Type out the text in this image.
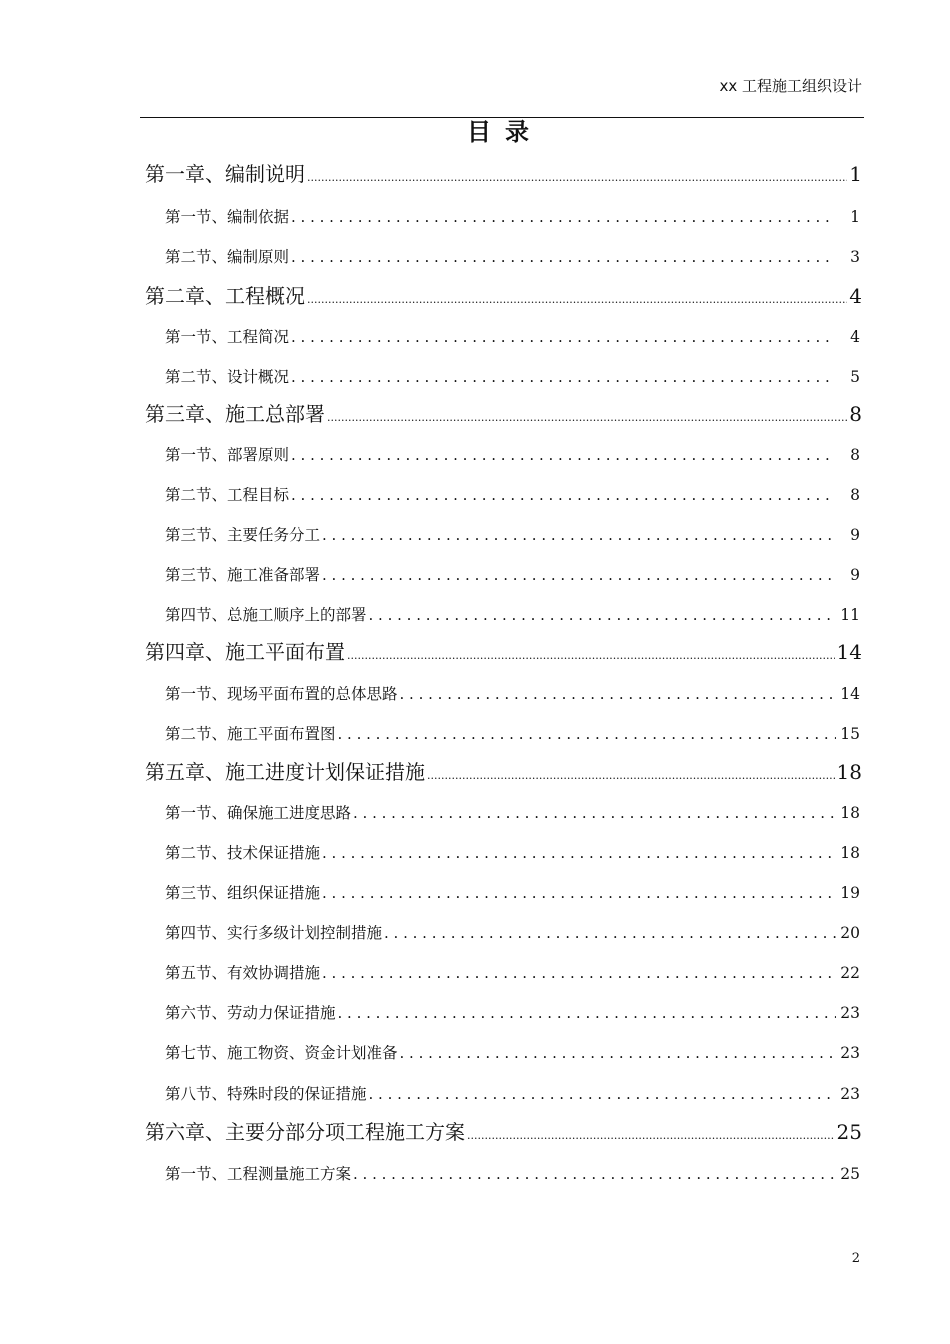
xx 工程施工组织设计
目录
第一章、编制说明 .....	1
第一节、编制依据 . . .	1
第二节、编制原则 . . .	3
第二章、工程概况 .....	4
第一节、工程简况 . . .	4
第二节、设计概况 . . .	5
第三章、施工总部署 .....	8
第一节、部署原则 . . .	8
第二节、工程目标 . . .	8
第三节、主要任务分工 . . .	9
第三节、施工准备部署 . . .	9
第四节、总施工顺序上的部署 . . .	11
第四章、施工平面布置 .....	14
第一节、现场平面布置的总体思路 . . .	14
第二节、施工平面布置图 . . .	15
第五章、施工进度计划保证措施 .....	18
第一节、确保施工进度思路 . . .	18
第二节、技术保证措施 . . .	18
第三节、组织保证措施 . . .	19
第四节、实行多级计划控制措施 . . .	20
第五节、有效协调措施 . . .	22
第六节、劳动力保证措施 . . .	23
第七节、施工物资、资金计划准备 . . .	23
第八节、特殊时段的保证措施 . . .	23
第六章、主要分部分项工程施工方案 .....	25
第一节、工程测量施工方案 . . .	25
2
